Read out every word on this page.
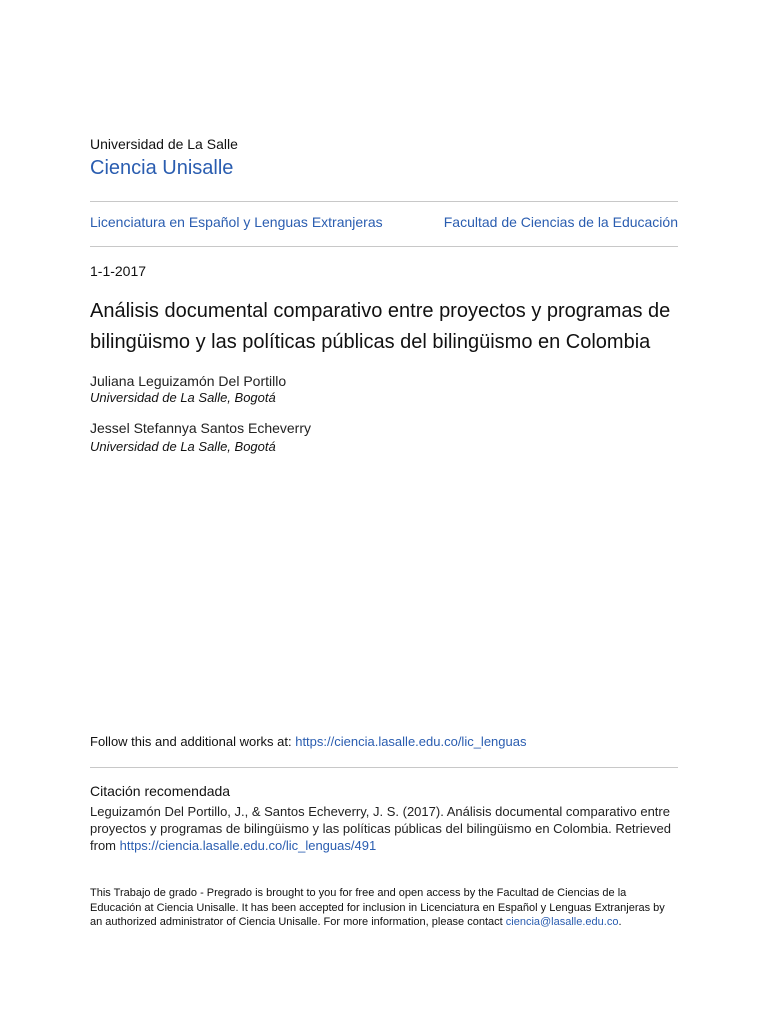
Universidad de La Salle
Ciencia Unisalle
Licenciatura en Español y Lenguas Extranjeras	Facultad de Ciencias de la Educación
1-1-2017
Análisis documental comparativo entre proyectos y programas de bilingüismo y las políticas públicas del bilingüismo en Colombia
Juliana Leguizamón Del Portillo
Universidad de La Salle, Bogotá
Jessel Stefannya Santos Echeverry
Universidad de La Salle, Bogotá
Follow this and additional works at: https://ciencia.lasalle.edu.co/lic_lenguas
Citación recomendada
Leguizamón Del Portillo, J., & Santos Echeverry, J. S. (2017). Análisis documental comparativo entre proyectos y programas de bilingüismo y las políticas públicas del bilingüismo en Colombia. Retrieved from https://ciencia.lasalle.edu.co/lic_lenguas/491
This Trabajo de grado - Pregrado is brought to you for free and open access by the Facultad de Ciencias de la Educación at Ciencia Unisalle. It has been accepted for inclusion in Licenciatura en Español y Lenguas Extranjeras by an authorized administrator of Ciencia Unisalle. For more information, please contact ciencia@lasalle.edu.co.
